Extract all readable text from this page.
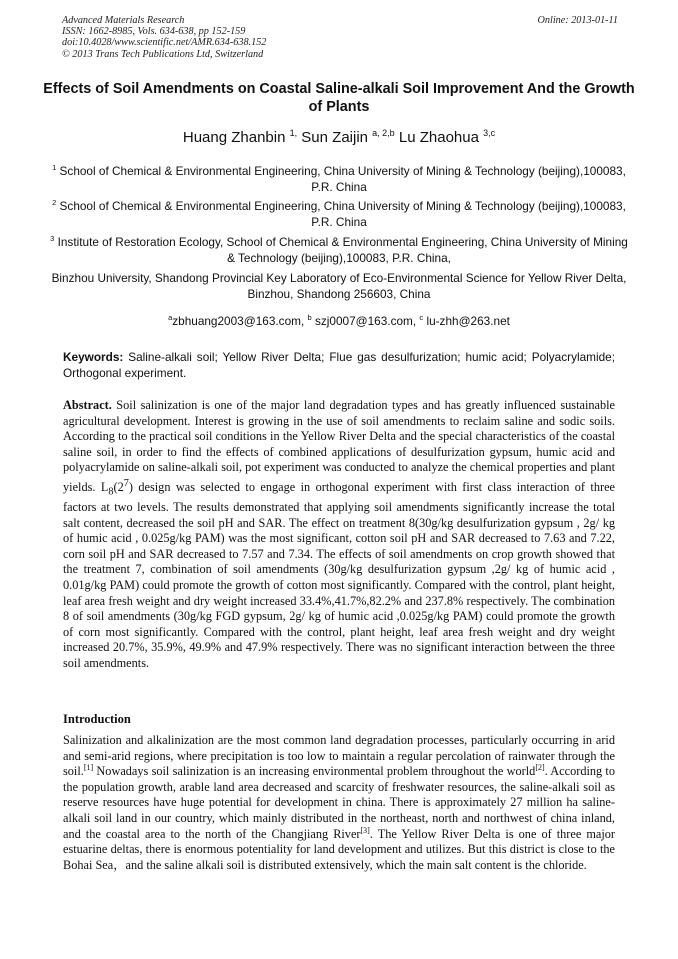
Advanced Materials Research
ISSN: 1662-8985, Vols. 634-638, pp 152-159
doi:10.4028/www.scientific.net/AMR.634-638.152
© 2013 Trans Tech Publications Ltd, Switzerland
Online: 2013-01-11
Effects of Soil Amendments on Coastal Saline-alkali Soil Improvement And the Growth of Plants
Huang Zhanbin $^{1,}$ Sun Zaijin $^{a, 2,b}$ Lu Zhaohua $^{3,c}$
$^1$ School of Chemical & Environmental Engineering, China University of Mining & Technology (beijing),100083, P.R. China
$^2$ School of Chemical & Environmental Engineering, China University of Mining & Technology (beijing),100083, P.R. China
$^3$ Institute of Restoration Ecology, School of Chemical & Environmental Engineering, China University of Mining & Technology (beijing),100083, P.R. China,
Binzhou University, Shandong Provincial Key Laboratory of Eco-Environmental Science for Yellow River Delta, Binzhou, Shandong 256603, China
$^a$zbhuang2003@163.com, $^b$ szj0007@163.com, $^c$ lu-zhh@263.net
Keywords: Saline-alkali soil; Yellow River Delta; Flue gas desulfurization; humic acid; Polyacrylamide; Orthogonal experiment.
Abstract. Soil salinization is one of the major land degradation types and has greatly influenced sustainable agricultural development. Interest is growing in the use of soil amendments to reclaim saline and sodic soils. According to the practical soil conditions in the Yellow River Delta and the special characteristics of the coastal saline soil, in order to find the effects of combined applications of desulfurization gypsum, humic acid and polyacrylamide on saline-alkali soil, pot experiment was conducted to analyze the chemical properties and plant yields. $L_8(2^7)$ design was selected to engage in orthogonal experiment with first class interaction of three factors at two levels. The results demonstrated that applying soil amendments significantly increase the total salt content, decreased the soil pH and SAR. The effect on treatment 8(30g/kg desulfurization gypsum , 2g/ kg of humic acid , 0.025g/kg PAM) was the most significant, cotton soil pH and SAR decreased to 7.63 and 7.22, corn soil pH and SAR decreased to 7.57 and 7.34. The effects of soil amendments on crop growth showed that the treatment 7, combination of soil amendments (30g/kg desulfurization gypsum ,2g/ kg of humic acid , 0.01g/kg PAM) could promote the growth of cotton most significantly. Compared with the control, plant height, leaf area fresh weight and dry weight increased 33.4%,41.7%,82.2% and 237.8% respectively. The combination 8 of soil amendments (30g/kg FGD gypsum, 2g/ kg of humic acid ,0.025g/kg PAM) could promote the growth of corn most significantly. Compared with the control, plant height, leaf area fresh weight and dry weight increased 20.7%, 35.9%, 49.9% and 47.9% respectively. There was no significant interaction between the three soil amendments.
Introduction
Salinization and alkalinization are the most common land degradation processes, particularly occurring in arid and semi-arid regions, where precipitation is too low to maintain a regular percolation of rainwater through the soil.[1] Nowadays soil salinization is an increasing environmental problem throughout the world[2]. According to the population growth, arable land area decreased and scarcity of freshwater resources, the saline-alkali soil as reserve resources have huge potential for development in china. There is approximately 27 million ha saline-alkali soil land in our country, which mainly distributed in the northeast, north and northwest of china inland, and the coastal area to the north of the Changjiang River[3]. The Yellow River Delta is one of three major estuarine deltas, there is enormous potentiality for land development and utilizes. But this district is close to the Bohai Sea，and the saline alkali soil is distributed extensively, which the main salt content is the chloride.
